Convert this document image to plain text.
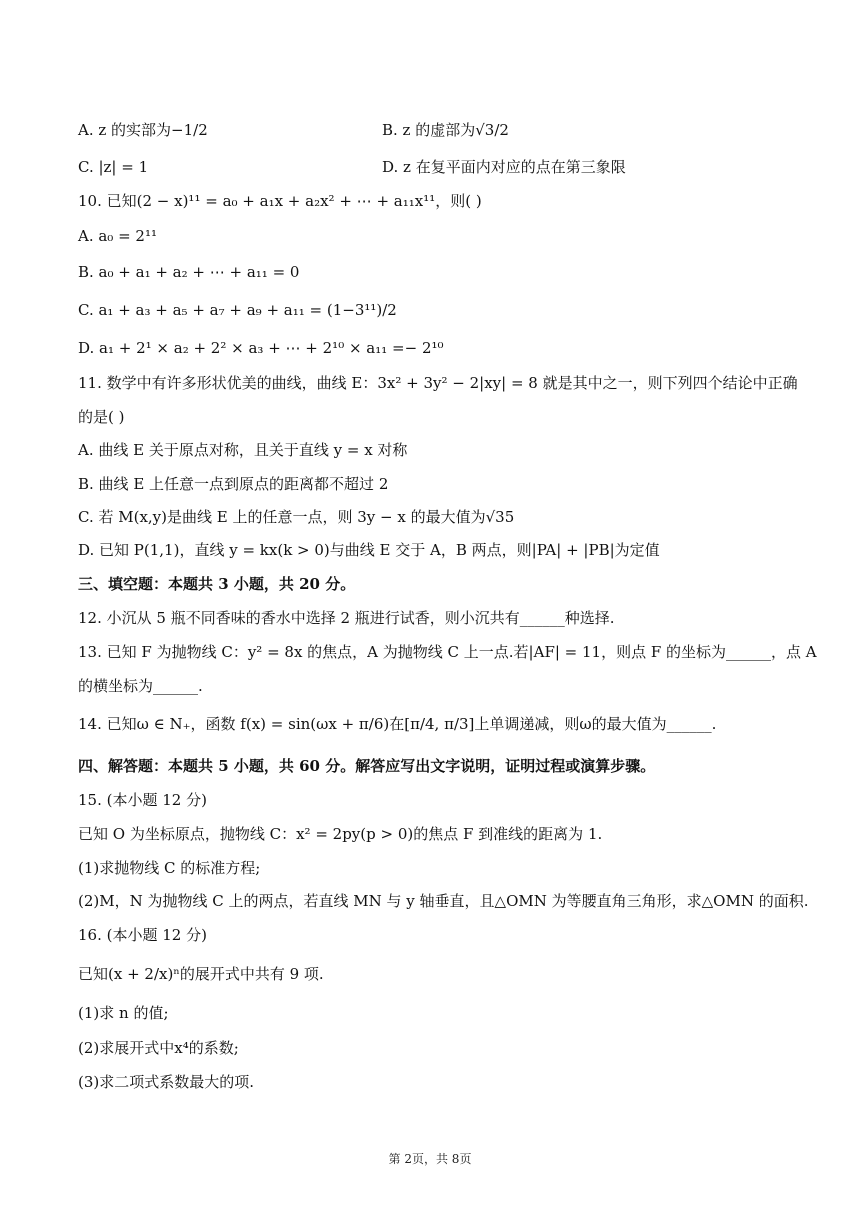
A. z 的实部为−1/2	B. z 的虚部为√3/2
C. |z| = 1	D. z 在复平面内对应的点在第三象限
10. 已知(2 − x)¹¹ = a₀ + a₁x + a₂x² + ⋯ + a₁₁x¹¹，则( )
A. a₀ = 2¹¹
B. a₀ + a₁ + a₂ + ⋯ + a₁₁ = 0
C. a₁ + a₃ + a₅ + a₇ + a₉ + a₁₁ = (1−3¹¹)/2
D. a₁ + 2¹ × a₂ + 2² × a₃ + ⋯ + 2¹⁰ × a₁₁ =− 2¹⁰
11. 数学中有许多形状优美的曲线，曲线 E：3x² + 3y² − 2|xy| = 8 就是其中之一，则下列四个结论中正确
的是( )
A. 曲线 E 关于原点对称，且关于直线 y = x 对称
B. 曲线 E 上任意一点到原点的距离都不超过 2
C. 若 M(x,y)是曲线 E 上的任意一点，则 3y − x 的最大值为√35
D. 已知 P(1,1)，直线 y = kx(k > 0)与曲线 E 交于 A，B 两点，则|PA| + |PB|为定值
三、填空题：本题共 3 小题，共 20 分。
12. 小沉从 5 瓶不同香味的香水中选择 2 瓶进行试香，则小沉共有______种选择.
13. 已知 F 为抛物线 C：y² = 8x 的焦点，A 为抛物线 C 上一点.若|AF| = 11，则点 F 的坐标为______，点 A
的横坐标为______.
14. 已知ω ∈ N₊，函数 f(x) = sin(ωx + π/6)在[π/4, π/3]上单调递减，则ω的最大值为______.
四、解答题：本题共 5 小题，共 60 分。解答应写出文字说明，证明过程或演算步骤。
15. (本小题 12 分)
已知 O 为坐标原点，抛物线 C：x² = 2py(p > 0)的焦点 F 到准线的距离为 1.
(1)求抛物线 C 的标准方程;
(2)M，N 为抛物线 C 上的两点，若直线 MN 与 y 轴垂直，且△OMN 为等腰直角三角形，求△OMN 的面积.
16. (本小题 12 分)
已知(x + 2/x)ⁿ的展开式中共有 9 项.
(1)求 n 的值;
(2)求展开式中x⁴的系数;
(3)求二项式系数最大的项.
第 2页，共 8页
